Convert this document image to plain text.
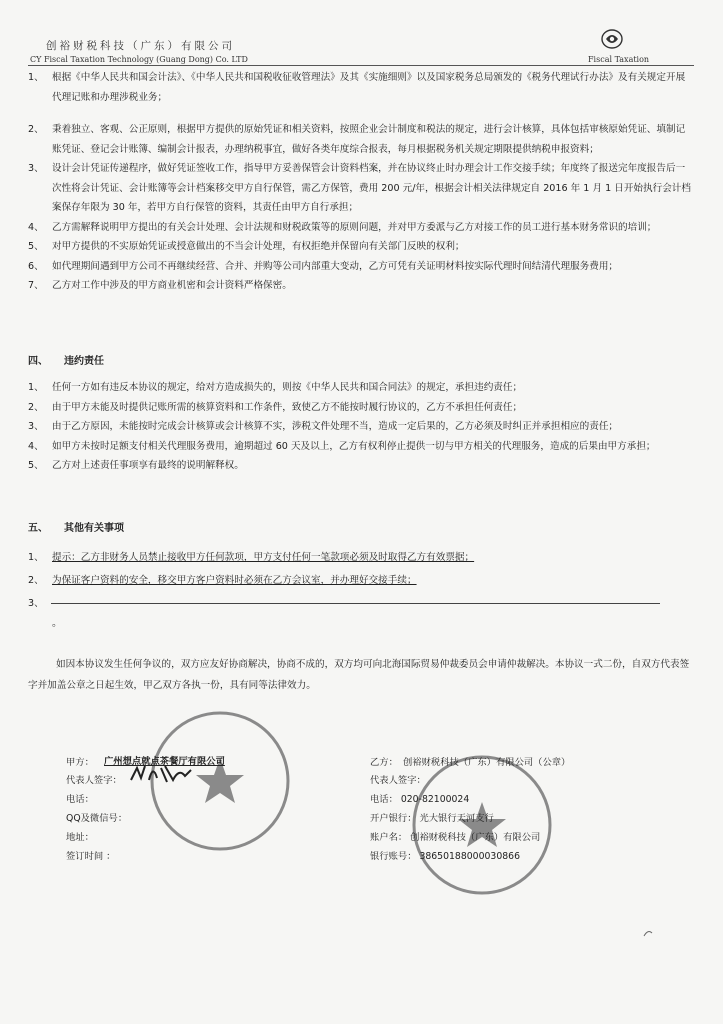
创裕财税科技（广东）有限公司
CY Fiscal Taxation Technology (Guang Dong) Co. LTD	Fiscal Taxation
1、 根据《中华人民共和国会计法》、《中华人民共和国税收征收管理法》及其《实施细则》以及国家税务总局颁发的《税务代理试行办法》及有关规定开展代理记账和办理涉税业务；
2、 秉着独立、客观、公正原则，根据甲方提供的原始凭证和相关资料，按照企业会计制度和税法的规定，进行会计核算，具体包括审核原始凭证、填制记账凭证、登记会计账簿、编制会计报表，办理纳税事宜，做好各类年度综合报表，每月根据税务机关规定期限提供纳税申报资料；
3、 设计会计凭证传递程序，做好凭证签收工作，指导甲方妥善保管会计资料档案，并在协议终止时办理会计工作交接手续；年度终了报送完年度报告后一次性将会计凭证、会计账簿等会计档案移交甲方自行保管，需乙方保管，费用 200 元/年，根据会计相关法律规定自 2016 年 1 月 1 日开始执行会计档案保存年限为 30 年，若甲方自行保管的资料，其责任由甲方自行承担；
4、 乙方需解释说明甲方提出的有关会计处理、会计法规和财税政策等的原则问题，并对甲方委派与乙方对接工作的员工进行基本财务常识的培训；
5、 对甲方提供的不实原始凭证或授意做出的不当会计处理，有权拒绝并保留向有关部门反映的权利；
6、 如代理期间遇到甲方公司不再继续经营、合并、并购等公司内部重大变动，乙方可凭有关证明材料按实际代理时间结清代理服务费用；
7、 乙方对工作中涉及的甲方商业机密和会计资料严格保密。
四、 违约责任
1、 任何一方如有违反本协议的规定，给对方造成损失的，则按《中华人民共和国合同法》的规定，承担违约责任；
2、 由于甲方未能及时提供记账所需的核算资料和工作条件，致使乙方不能按时履行协议的，乙方不承担任何责任；
3、 由于乙方原因，未能按时完成会计核算或会计核算不实，涉税文件处理不当，造成一定后果的，乙方必须及时纠正并承担相应的责任；
4、 如甲方未按时足额支付相关代理服务费用，逾期超过 60 天及以上，乙方有权利停止提供一切与甲方相关的代理服务，造成的后果由甲方承担；
5、 乙方对上述责任事项享有最终的说明解释权。
五、 其他有关事项
1、 提示：乙方非财务人员禁止接收甲方任何款项，甲方支付任何一笔款项必须及时取得乙方有效票据；
2、 为保证客户资料的安全，移交甲方客户资料时必须在乙方会议室，并办理好交接手续；
3、
。
如因本协议发生任何争议的，双方应友好协商解决，协商不成的，双方均可向北海国际贸易仲裁委员会申请仲裁解决。本协议一式二份，自双方代表签字并加盖公章之日起生效，甲乙双方各执一份，具有同等法律效力。
甲方： 广州想点就点茶餐厅有限公司
代表人签字：
电话：
QQ及微信号：
地址：
签订时间 ：
乙方： 创裕财税科技（广东）有限公司（公章）
代表人签字：
电话： 020-82100024
开户银行： 光大银行天河支行
账户名： 创裕财税科技（广东）有限公司
银行账号： 38650188000030866
